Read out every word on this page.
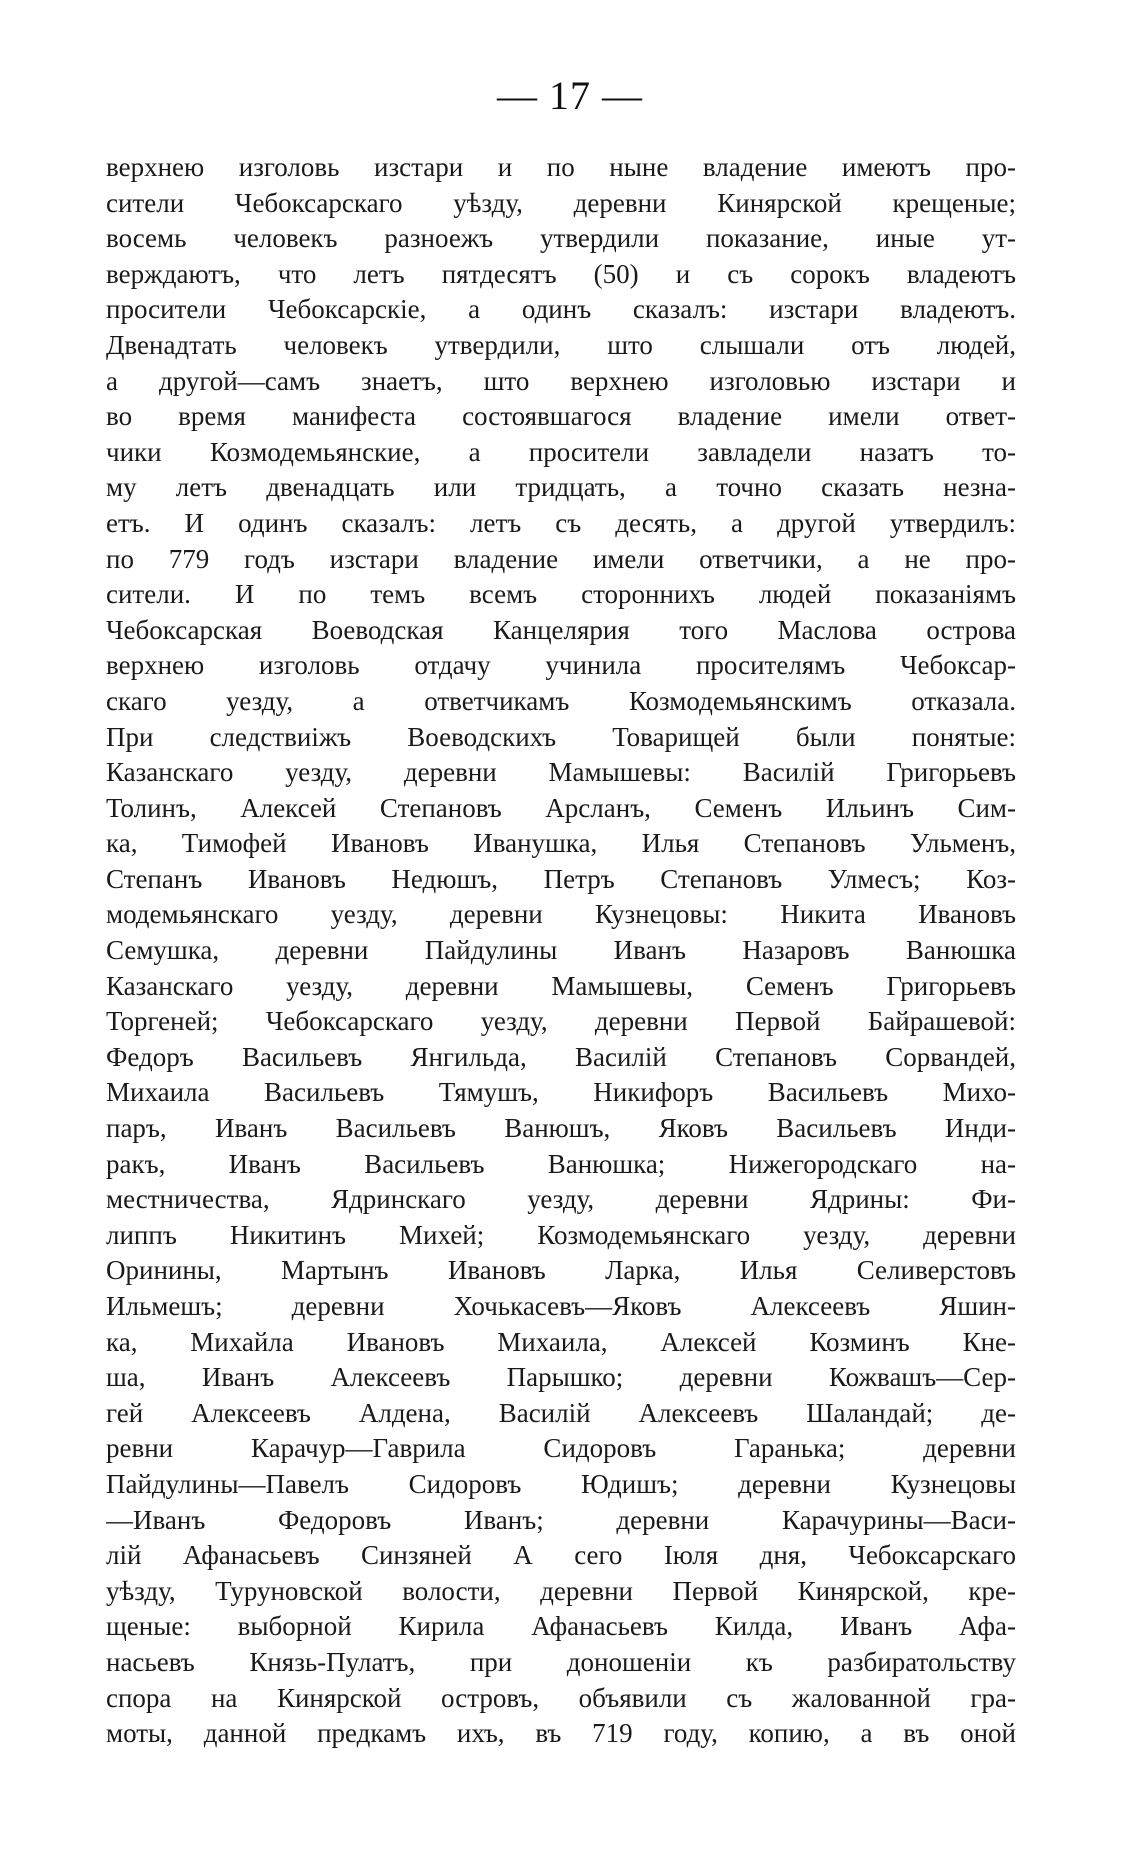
— 17 —
верхнею изголовь изстари и по ныне владение имеютъ про-
сители Чебоксарскаго уѣзду, деревни Кинярской крещеные;
восемь человекъ разноежъ утвердили показание, иные ут-
верждаютъ, что летъ пятдесятъ (50) и съ сорокъ владеютъ
просители Чебоксарскіе, а одинъ сказалъ: изстари владеютъ.
Двенадтать человекъ утвердили, што слышали отъ людей,
а другой—самъ знаетъ, што верхнею изголовью изстари и
во время манифеста состоявшагося владение имели ответ-
чики Козмодемьянские, а просители завладели назатъ то-
му летъ двенадцать или тридцать, а точно сказать незна-
етъ. И одинъ сказалъ: летъ съ десять, а другой утвердилъ:
по 779 годъ изстари владение имели ответчики, а не про-
сители. И по темъ всемъ стороннихъ людей показаніямъ
Чебоксарская Воеводская Канцелярия того Маслова острова
верхнею изголовь отдачу учинила просителямъ Чебоксар-
скаго уезду, а ответчикамъ Козмодемьянскимъ отказала.
При следствиіжъ Воеводскихъ Товарищей были понятые:
Казанскаго уезду, деревни Мамышевы: Василій Григорьевъ
Толинъ, Алексей Степановъ Арсланъ, Семенъ Ильинъ Сим-
ка, Тимофей Ивановъ Иванушка, Илья Степановъ Ульменъ,
Степанъ Ивановъ Недюшъ, Петръ Степановъ Улмесъ; Коз-
модемьянскаго уезду, деревни Кузнецовы: Никита Ивановъ
Семушка, деревни Пайдулины Иванъ Назаровъ Ванюшка
Казанскаго уезду, деревни Мамышевы, Семенъ Григорьевъ
Торгеней; Чебоксарскаго уезду, деревни Первой Байрашевой:
Федоръ Васильевъ Янгильда, Василій Степановъ Сорвандей,
Михаила Васильевъ Тямушъ, Никифоръ Васильевъ Михо-
паръ, Иванъ Васильевъ Ванюшъ, Яковъ Васильевъ Инди-
ракъ, Иванъ Васильевъ Ванюшка; Нижегородскаго на-
местничества, Ядринскаго уезду, деревни Ядрины: Фи-
липпъ Никитинъ Михей; Козмодемьянскаго уезду, деревни
Оринины, Мартынъ Ивановъ Ларка, Илья Селиверстовъ
Ильмешъ; деревни Хочькасевъ—Яковъ Алексеевъ Яшин-
ка, Михайла Ивановъ Михаила, Алексей Козминъ Кне-
ша, Иванъ Алексеевъ Парышко; деревни Кожвашъ—Сер-
гей Алексеевъ Алдена, Василій Алексеевъ Шаландай; де-
ревни Карачур—Гаврила Сидоровъ Гаранька; деревни
Пайдулины—Павелъ Сидоровъ Юдишъ; деревни Кузнецовы
—Иванъ Федоровъ Иванъ; деревни Карачурины—Васи-
лій Афанасьевъ Синзяней А сего Іюля дня, Чебоксарскаго
уѣзду, Туруновской волости, деревни Первой Кинярской, кре-
щеные: выборной Кирила Афанасьевъ Килда, Иванъ Афа-
насьевъ Князь-Пулатъ, при доношеніи къ разбиратольству
спора на Кинярской островъ, объявили съ жалованной гра-
моты, данной предкамъ ихъ, въ 719 году, копию, а въ оной
